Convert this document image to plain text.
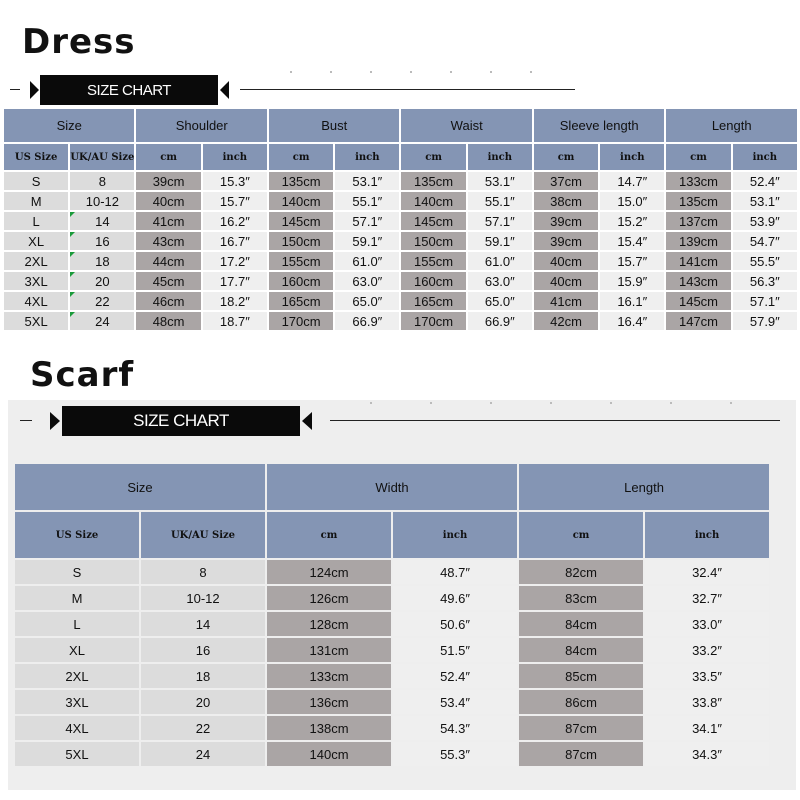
Dress
SIZE CHART
Size		Shoulder		Bust		Waist		Sleeve length		Length	
US Size	UK/AU Size	cm	inch	cm	inch	cm	inch	cm	inch	cm	inch
S	8	39cm	15.3″	135cm	53.1″	135cm	53.1″	37cm	14.7″	133cm	52.4″
M	10-12	40cm	15.7″	140cm	55.1″	140cm	55.1″	38cm	15.0″	135cm	53.1″
L	14	41cm	16.2″	145cm	57.1″	145cm	57.1″	39cm	15.2″	137cm	53.9″
XL	16	43cm	16.7″	150cm	59.1″	150cm	59.1″	39cm	15.4″	139cm	54.7″
2XL	18	44cm	17.2″	155cm	61.0″	155cm	61.0″	40cm	15.7″	141cm	55.5″
3XL	20	45cm	17.7″	160cm	63.0″	160cm	63.0″	40cm	15.9″	143cm	56.3″
4XL	22	46cm	18.2″	165cm	65.0″	165cm	65.0″	41cm	16.1″	145cm	57.1″
5XL	24	48cm	18.7″	170cm	66.9″	170cm	66.9″	42cm	16.4″	147cm	57.9″
Scarf
SIZE CHART
Size		Width		Length	
US Size	UK/AU Size	cm	inch	cm	inch
S	8	124cm	48.7″	82cm	32.4″
M	10-12	126cm	49.6″	83cm	32.7″
L	14	128cm	50.6″	84cm	33.0″
XL	16	131cm	51.5″	84cm	33.2″
2XL	18	133cm	52.4″	85cm	33.5″
3XL	20	136cm	53.4″	86cm	33.8″
4XL	22	138cm	54.3″	87cm	34.1″
5XL	24	140cm	55.3″	87cm	34.3″
